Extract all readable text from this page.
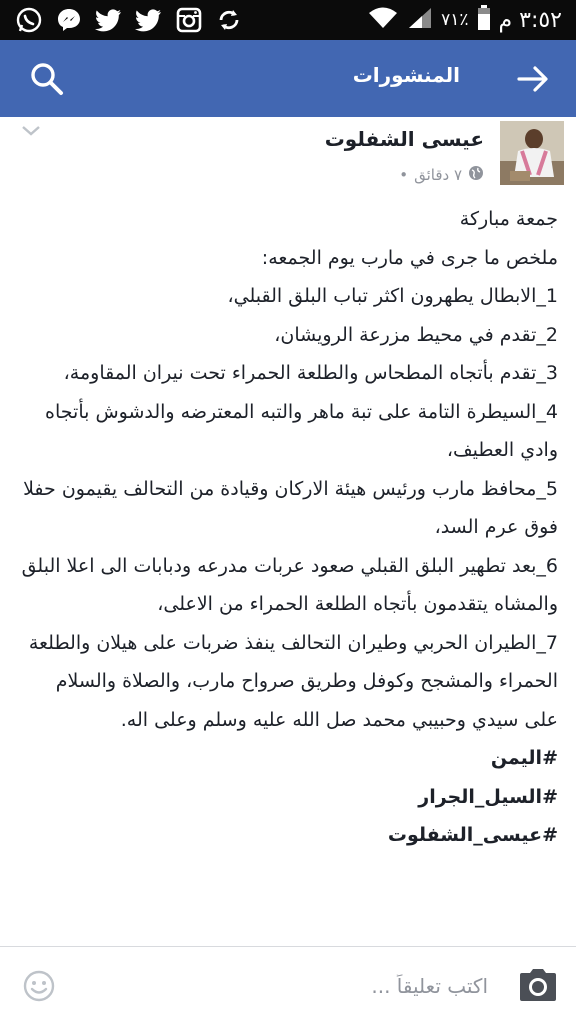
٧١٪ ٣:٥٢ م
المنشورات
عيسى الشفلوت
٧ دقائق
•
جمعة مباركة
ملخص ما جرى في مارب يوم الجمعه:
1_الابطال يطهرون اكثر تباب البلق القبلي،
2_تقدم في محيط مزرعة الرويشان،
3_تقدم بأتجاه المطحاس والطلعة الحمراء تحت نيران المقاومة،
4_السيطرة التامة على تبة ماهر والتبه المعترضه والدشوش بأتجاه وادي العطيف،
5_محافظ مارب ورئيس هيئة الاركان وقيادة من التحالف يقيمون حفلا فوق عرم السد،
6_بعد تطهير البلق القبلي صعود عربات مدرعه ودبابات الى اعلا البلق والمشاه يتقدمون بأتجاه الطلعة الحمراء من الاعلى،
7_الطيران الحربي وطيران التحالف ينفذ ضربات على هيلان والطلعة الحمراء والمشجح وكوفل وطريق صرواح مارب، والصلاة والسلام على سيدي وحبيبي محمد صل الله عليه وسلم وعلى اله.
#اليمن
#السيل_الجرار
#عيسى_الشفلوت
اكتب تعليقاً ...
